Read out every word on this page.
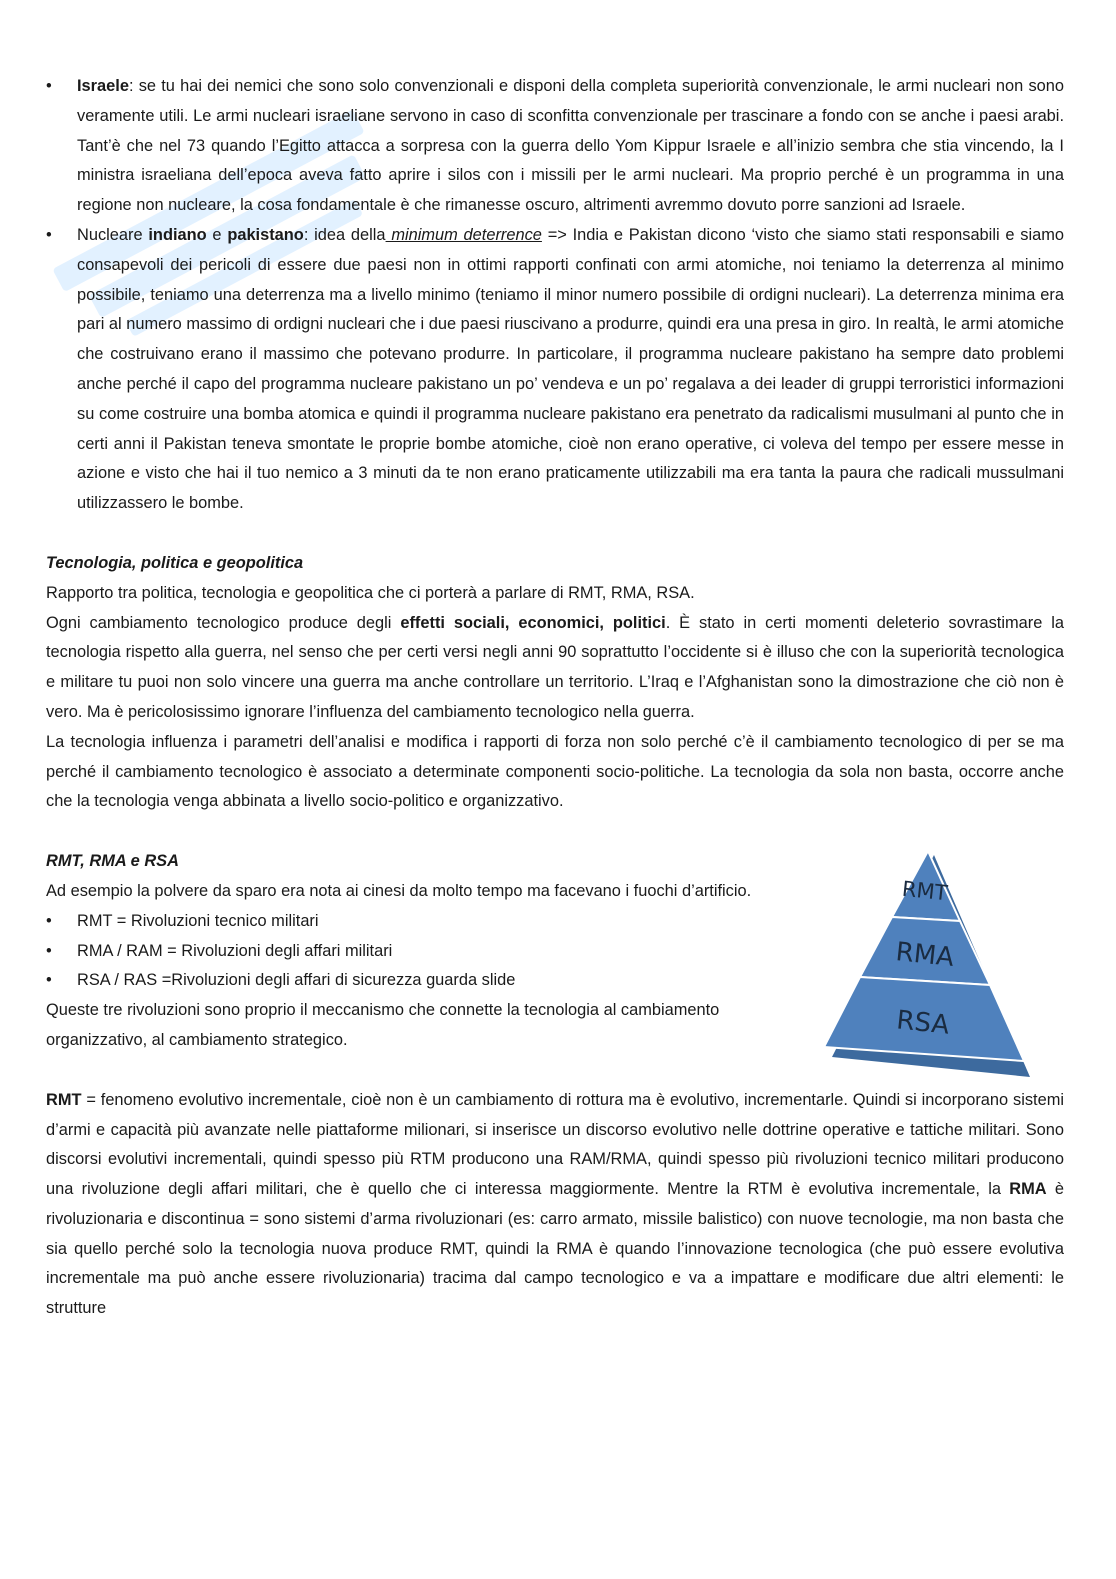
• Israele: se tu hai dei nemici che sono solo convenzionali e disponi della completa superiorità convenzionale, le armi nucleari non sono veramente utili. Le armi nucleari israeliane servono in caso di sconfitta convenzionale per trascinare a fondo con se anche i paesi arabi. Tant’è che nel 73 quando l’Egitto attacca a sorpresa con la guerra dello Yom Kippur Israele e all’inizio sembra che stia vincendo, la I ministra israeliana dell’epoca aveva fatto aprire i silos con i missili per le armi nucleari. Ma proprio perché è un programma in una regione non nucleare, la cosa fondamentale è che rimanesse oscuro, altrimenti avremmo dovuto porre sanzioni ad Israele.
• Nucleare indiano e pakistano: idea della minimum deterrence => India e Pakistan dicono ‘visto che siamo stati responsabili e siamo consapevoli dei pericoli di essere due paesi non in ottimi rapporti confinati con armi atomiche, noi teniamo la deterrenza al minimo possibile, teniamo una deterrenza ma a livello minimo (teniamo il minor numero possibile di ordigni nucleari). La deterrenza minima era pari al numero massimo di ordigni nucleari che i due paesi riuscivano a produrre, quindi era una presa in giro. In realtà, le armi atomiche che costruivano erano il massimo che potevano produrre. In particolare, il programma nucleare pakistano ha sempre dato problemi anche perché il capo del programma nucleare pakistano un po’ vendeva e un po’ regalava a dei leader di gruppi terroristici informazioni su come costruire una bomba atomica e quindi il programma nucleare pakistano era penetrato da radicalismi musulmani al punto che in certi anni il Pakistan teneva smontate le proprie bombe atomiche, cioè non erano operative, ci voleva del tempo per essere messe in azione e visto che hai il tuo nemico a 3 minuti da te non erano praticamente utilizzabili ma era tanta la paura che radicali mussulmani utilizzassero le bombe.

Tecnologia, politica e geopolitica

Rapporto tra politica, tecnologia e geopolitica che ci porterà a parlare di RMT, RMA, RSA.

Ogni cambiamento tecnologico produce degli effetti sociali, economici, politici. È stato in certi momenti deleterio sovrastimare la tecnologia rispetto alla guerra, nel senso che per certi versi negli anni 90 soprattutto l’occidente si è illuso che con la superiorità tecnologica e militare tu puoi non solo vincere una guerra ma anche controllare un territorio. L’Iraq e l’Afghanistan sono la dimostrazione che ciò non è vero. Ma è pericolosissimo ignorare l’influenza del cambiamento tecnologico nella guerra.

La tecnologia influenza i parametri dell’analisi e modifica i rapporti di forza non solo perché c’è il cambiamento tecnologico di per se ma perché il cambiamento tecnologico è associato a determinate componenti socio-politiche. La tecnologia da sola non basta, occorre anche che la tecnologia venga abbinata a livello socio-politico e organizzativo.

RMT, RMA e RSA

Ad esempio la polvere da sparo era nota ai cinesi da molto tempo ma facevano i fuochi d’artificio.

• RMT = Rivoluzioni tecnico militari
• RMA / RAM = Rivoluzioni degli affari militari
• RSA / RAS =Rivoluzioni degli affari di sicurezza guarda slide

Queste tre rivoluzioni sono proprio il meccanismo che connette la tecnologia al cambiamento organizzativo, al cambiamento strategico.

RMT
RMA
RSA

RMT = fenomeno evolutivo incrementale, cioè non è un cambiamento di rottura ma è evolutivo, incrementarle. Quindi si incorporano sistemi d’armi e capacità più avanzate nelle piattaforme milionari, si inserisce un discorso evolutivo nelle dottrine operative e tattiche militari. Sono discorsi evolutivi incrementali, quindi spesso più RTM producono una RAM/RMA, quindi spesso più rivoluzioni tecnico militari producono una rivoluzione degli affari militari, che è quello che ci interessa maggiormente. Mentre la RTM è evolutiva incrementale, la RMA è rivoluzionaria e discontinua = sono sistemi d’arma rivoluzionari (es: carro armato, missile balistico) con nuove tecnologie, ma non basta che sia quello perché solo la tecnologia nuova produce RMT, quindi la RMA è quando l’innovazione tecnologica (che può essere evolutiva incrementale ma può anche essere rivoluzionaria) tracima dal campo tecnologico e va a impattare e modificare due altri elementi: le strutture
